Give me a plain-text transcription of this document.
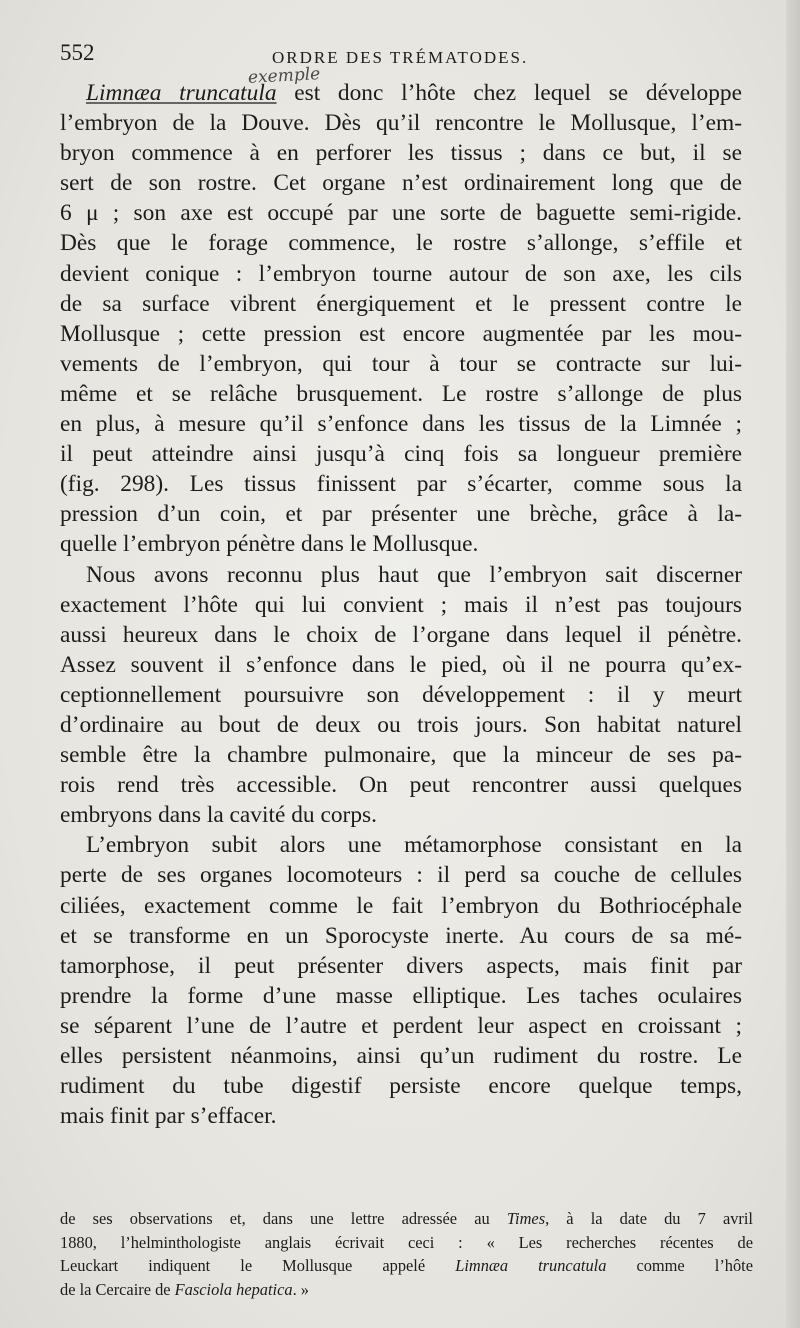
552	ORDRE DES TRÉMATODES.
exemple
Limnæa truncatula est donc l’hôte chez lequel se développe
l’embryon de la Douve. Dès qu’il rencontre le Mollusque, l’em-
bryon commence à en perforer les tissus ; dans ce but, il se
sert de son rostre. Cet organe n’est ordinairement long que de
6 μ ; son axe est occupé par une sorte de baguette semi-rigide.
Dès que le forage commence, le rostre s’allonge, s’effile et
devient conique : l’embryon tourne autour de son axe, les cils
de sa surface vibrent énergiquement et le pressent contre le
Mollusque ; cette pression est encore augmentée par les mou-
vements de l’embryon, qui tour à tour se contracte sur lui-
même et se relâche brusquement. Le rostre s’allonge de plus
en plus, à mesure qu’il s’enfonce dans les tissus de la Limnée ;
il peut atteindre ainsi jusqu’à cinq fois sa longueur première
(fig. 298). Les tissus finissent par s’écarter, comme sous la
pression d’un coin, et par présenter une brèche, grâce à la-
quelle l’embryon pénètre dans le Mollusque.
Nous avons reconnu plus haut que l’embryon sait discerner
exactement l’hôte qui lui convient ; mais il n’est pas toujours
aussi heureux dans le choix de l’organe dans lequel il pénètre.
Assez souvent il s’enfonce dans le pied, où il ne pourra qu’ex-
ceptionnellement poursuivre son développement : il y meurt
d’ordinaire au bout de deux ou trois jours. Son habitat naturel
semble être la chambre pulmonaire, que la minceur de ses pa-
rois rend très accessible. On peut rencontrer aussi quelques
embryons dans la cavité du corps.
L’embryon subit alors une métamorphose consistant en la
perte de ses organes locomoteurs : il perd sa couche de cellules
ciliées, exactement comme le fait l’embryon du Bothriocéphale
et se transforme en un Sporocyste inerte. Au cours de sa mé-
tamorphose, il peut présenter divers aspects, mais finit par
prendre la forme d’une masse elliptique. Les taches oculaires
se séparent l’une de l’autre et perdent leur aspect en croissant ;
elles persistent néanmoins, ainsi qu’un rudiment du rostre. Le
rudiment du tube digestif persiste encore quelque temps,
mais finit par s’effacer.
de ses observations et, dans une lettre adressée au Times, à la date du 7 avril
1880, l’helminthologiste anglais écrivait ceci : « Les recherches récentes de
Leuckart indiquent le Mollusque appelé Limnæa truncatula comme l’hôte
de la Cercaire de Fasciola hepatica. »
